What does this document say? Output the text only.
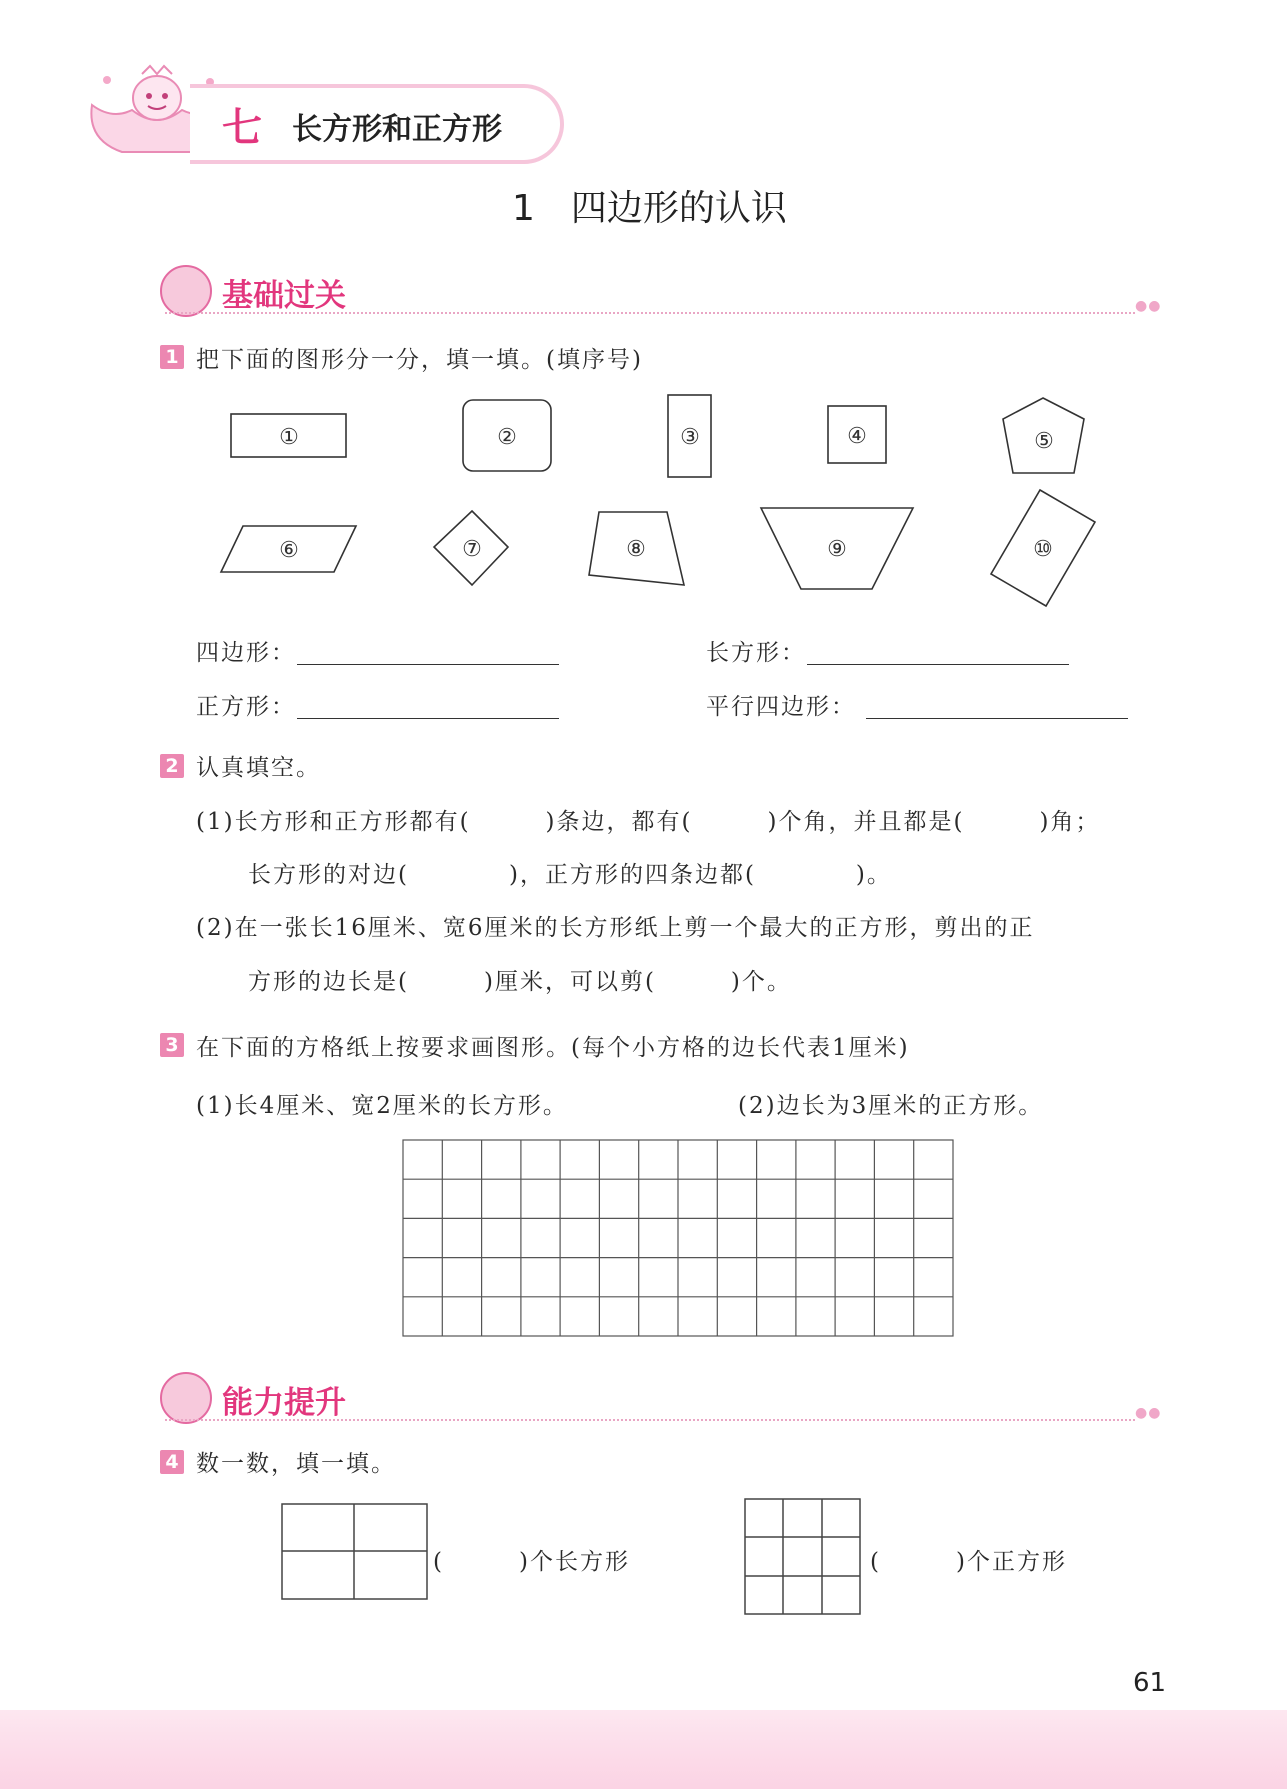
七 长方形和正方形
1　四边形的认识
基础过关	●●
1 把下面的图形分一分，填一填。(填序号)
①	②	③	④	⑤
⑥	⑦	⑧	⑨	⑩
四边形：	长方形：
正方形：	平行四边形：
2 认真填空。
(1)长方形和正方形都有(　　　)条边，都有(　　　)个角，并且都是(　　　)角；
长方形的对边(　　　　)，正方形的四条边都(　　　　)。
(2)在一张长16厘米、宽6厘米的长方形纸上剪一个最大的正方形，剪出的正
方形的边长是(　　　)厘米，可以剪(　　　)个。
3 在下面的方格纸上按要求画图形。(每个小方格的边长代表1厘米)
(1)长4厘米、宽2厘米的长方形。	(2)边长为3厘米的正方形。
能力提升	●●
4 数一数，填一填。
(　　　)个长方形	(　　　)个正方形
61
